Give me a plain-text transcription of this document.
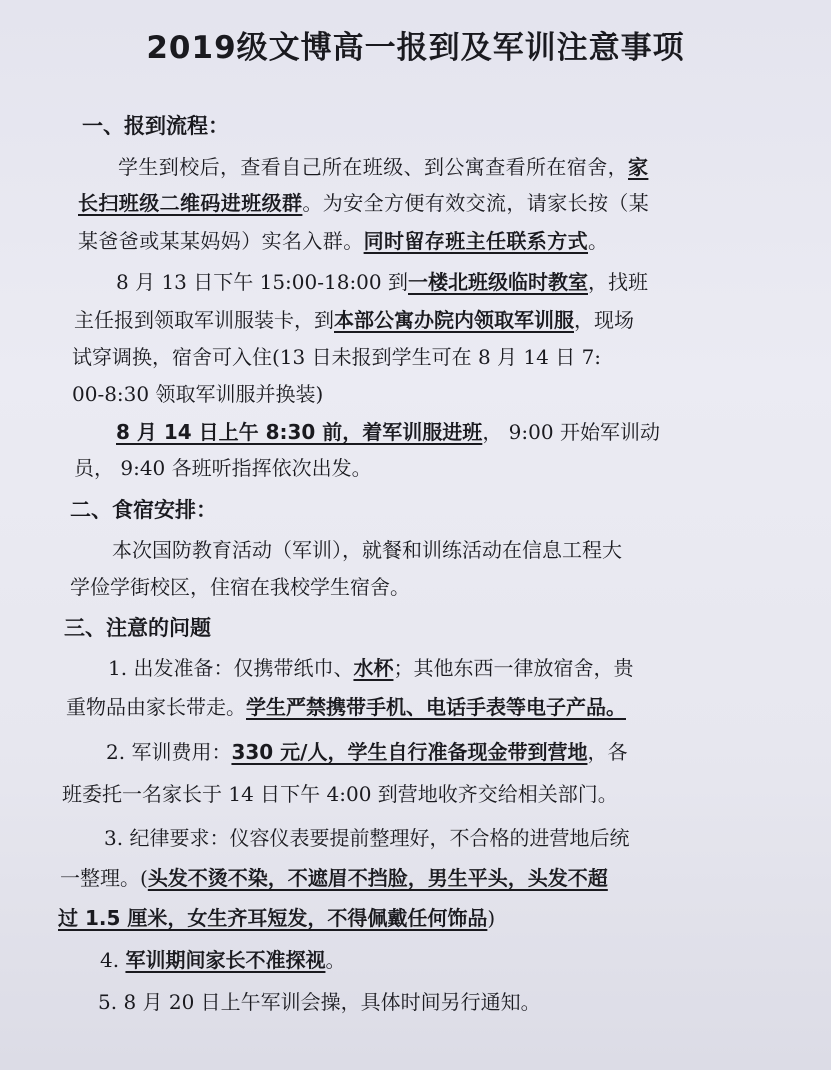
2019级文博高一报到及军训注意事项
一、报到流程：
学生到校后，查看自己所在班级、到公寓查看所在宿舍，家
长扫班级二维码进班级群。为安全方便有效交流，请家长按（某
某爸爸或某某妈妈）实名入群。同时留存班主任联系方式。
8 月 13 日下午 15:00-18:00 到一楼北班级临时教室，找班
主任报到领取军训服装卡，到本部公寓办院内领取军训服，现场
试穿调换，宿舍可入住(13 日未报到学生可在 8 月 14 日 7:
00-8:30 领取军训服并换装)
8 月 14 日上午 8:30 前，着军训服进班， 9:00 开始军训动
员， 9:40 各班听指挥依次出发。
二、食宿安排：
本次国防教育活动（军训），就餐和训练活动在信息工程大
学俭学街校区，住宿在我校学生宿舍。
三、注意的问题
1. 出发准备：仅携带纸巾、水杯；其他东西一律放宿舍，贵
重物品由家长带走。学生严禁携带手机、电话手表等电子产品。
2. 军训费用：330 元/人，学生自行准备现金带到营地，各
班委托一名家长于 14 日下午 4:00 到营地收齐交给相关部门。
3. 纪律要求：仪容仪表要提前整理好，不合格的进营地后统
一整理。(头发不烫不染，不遮眉不挡脸，男生平头，头发不超
过 1.5 厘米，女生齐耳短发，不得佩戴任何饰品)
4. 军训期间家长不准探视。
5. 8 月 20 日上午军训会操，具体时间另行通知。
